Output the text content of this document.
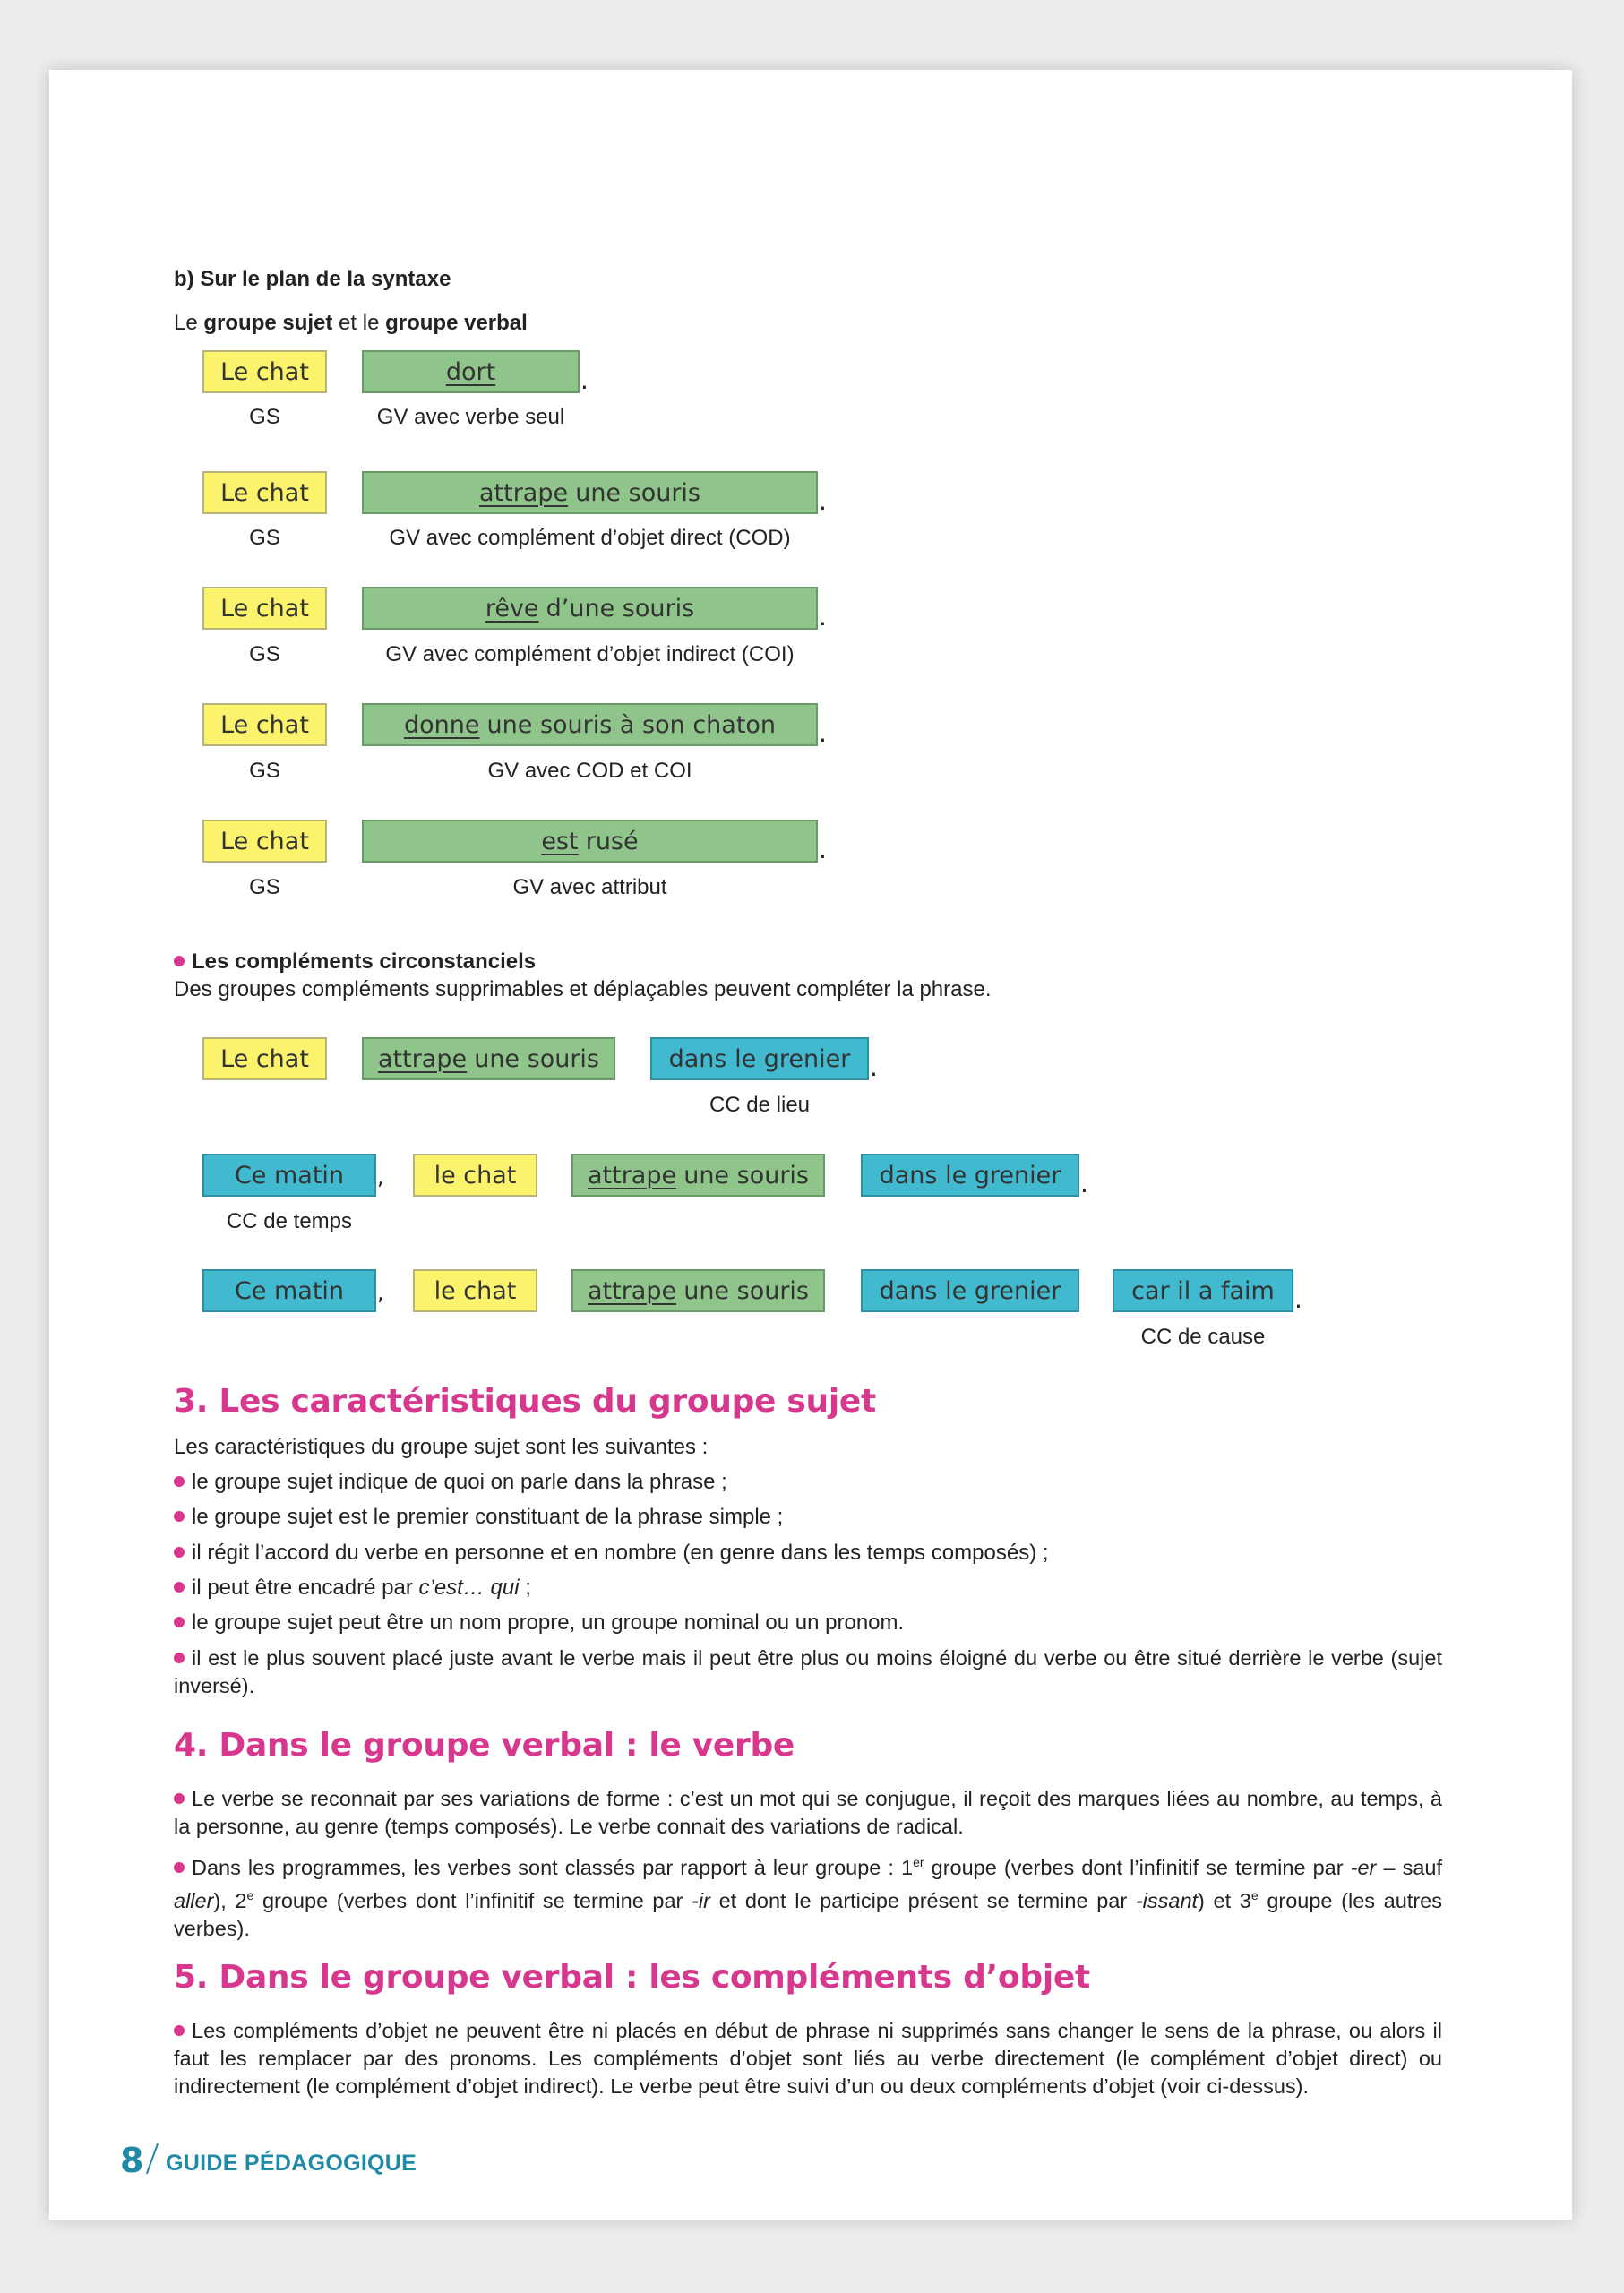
b) Sur le plan de la syntaxe
Le groupe sujet et le groupe verbal
Le chat	dort	.
GS	GV avec verbe seul
Le chat	attrape une souris	.
GS	GV avec complément d’objet direct (COD)
Le chat	rêve d’une souris	.
GS	GV avec complément d’objet indirect (COI)
Le chat	donne une souris à son chaton .
GS	GV avec COD et COI
Le chat	est rusé	.
GS	GV avec attribut
Les compléments circonstanciels
Des groupes compléments supprimables et déplaçables peuvent compléter la phrase.
Le chat	attrape une souris	dans le grenier .
CC de lieu
Ce matin	,	le chat	attrape une souris	dans le grenier .
CC de temps
Ce matin	,	le chat	attrape une souris	dans le grenier	car il a faim .
CC de cause
3. Les caractéristiques du groupe sujet
Les caractéristiques du groupe sujet sont les suivantes :
le groupe sujet indique de quoi on parle dans la phrase ;
le groupe sujet est le premier constituant de la phrase simple ;
il régit l’accord du verbe en personne et en nombre (en genre dans les temps composés) ;
il peut être encadré par c’est… qui ;
le groupe sujet peut être un nom propre, un groupe nominal ou un pronom.
il est le plus souvent placé juste avant le verbe mais il peut être plus ou moins éloigné du verbe ou être situé derrière le verbe (sujet inversé).
4. Dans le groupe verbal : le verbe
Le verbe se reconnait par ses variations de forme : c’est un mot qui se conjugue, il reçoit des marques liées au nombre, au temps, à la personne, au genre (temps composés). Le verbe connait des variations de radical.
Dans les programmes, les verbes sont classés par rapport à leur groupe : 1er groupe (verbes dont l’infinitif se termine par -er – sauf aller), 2e groupe (verbes dont l’infinitif se termine par -ir et dont le participe présent se termine par -issant) et 3e groupe (les autres verbes).
5. Dans le groupe verbal : les compléments d’objet
Les compléments d’objet ne peuvent être ni placés en début de phrase ni supprimés sans changer le sens de la phrase, ou alors il faut les remplacer par des pronoms. Les compléments d’objet sont liés au verbe directement (le complément d’objet direct) ou indirectement (le complément d’objet indirect). Le verbe peut être suivi d’un ou deux compléments d’objet (voir ci-dessus).
8 GUIDE PÉDAGOGIQUE
